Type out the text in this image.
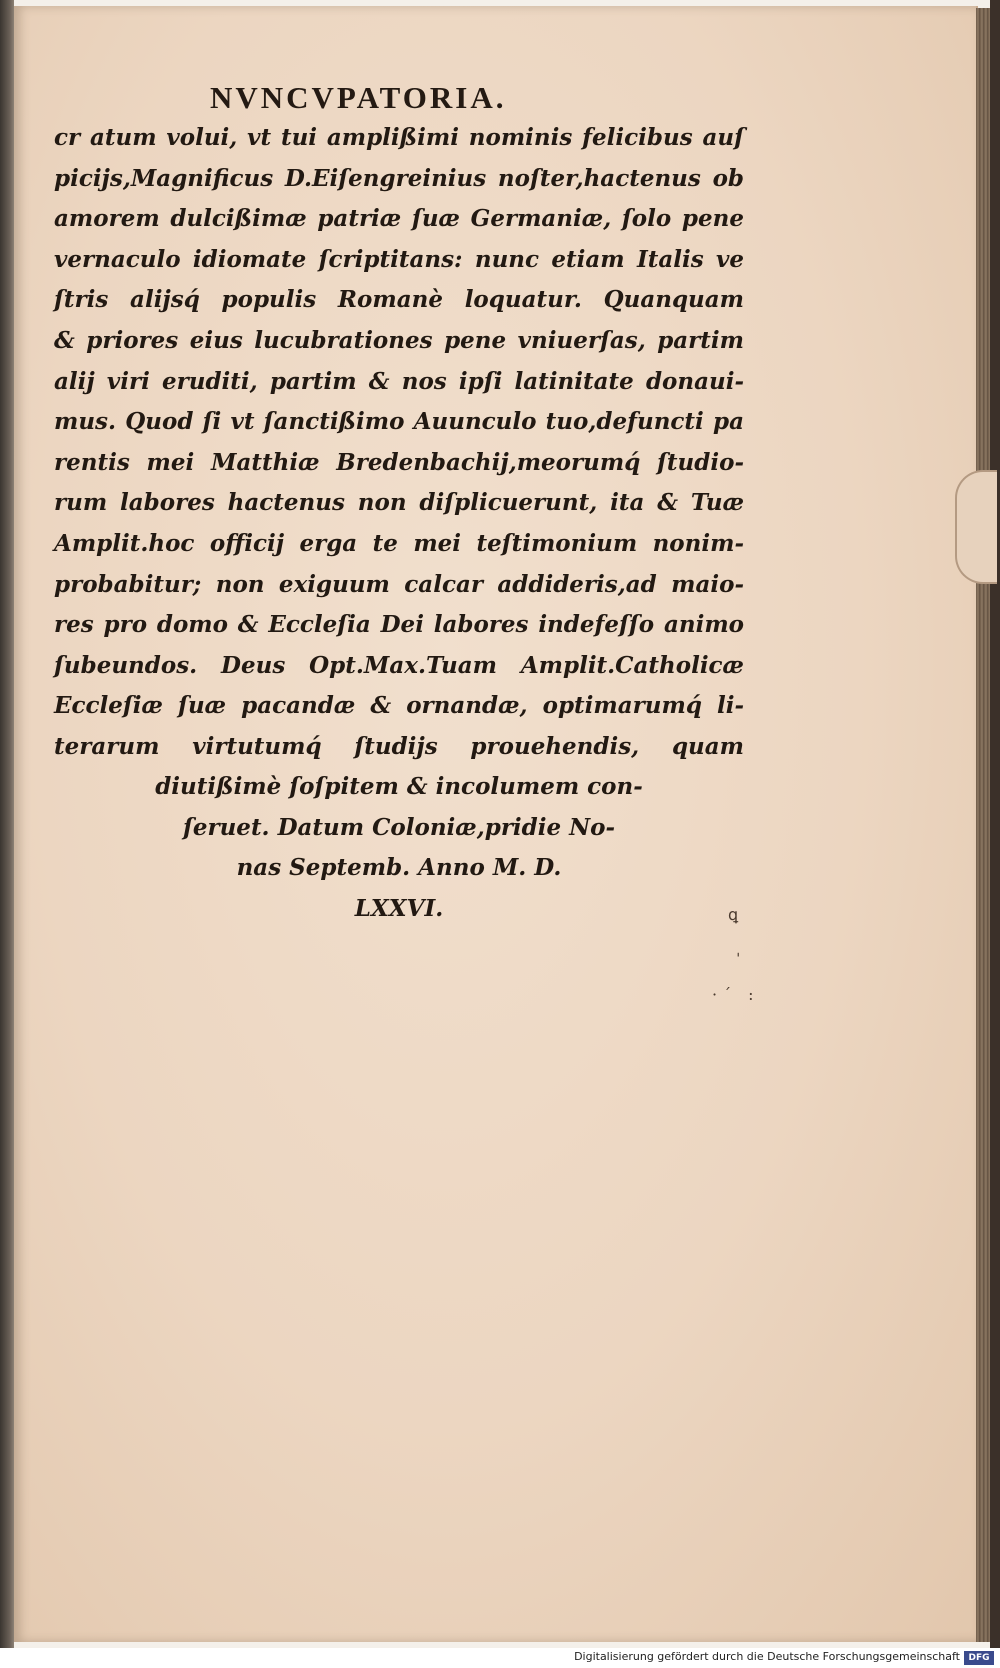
NVNCVPATORIA.
cr atum volui, vt tui amplißimi nominis felicibus auſ
picijs,Magnificus D.Eiſengreinius noſter,hactenus ob
amorem dulcißimæ patriæ ſuæ Germaniæ, ſolo pene
vernaculo idiomate ſcriptitans: nunc etiam Italis ve
ſtris alijsq́ populis Romanè loquatur. Quanquam
& priores eius lucubrationes pene vniuerſas, partim
alij viri eruditi, partim & nos ipſi latinitate donaui-
mus. Quod ſi vt ſanctißimo Auunculo tuo,defuncti pa
rentis mei Matthiæ Bredenbachij,meorumq́ ſtudio-
rum labores hactenus non diſplicuerunt, ita & Tuæ
Amplit.hoc officij erga te mei teſtimonium nonim-
probabitur; non exiguum calcar addideris,ad maio-
res pro domo & Eccleſia Dei labores indefeſſo animo
ſubeundos. Deus Opt.Max.Tuam Amplit.Catholicæ
Eccleſiæ ſuæ pacandæ & ornandæ, optimarumq́ li-
terarum virtutumq́ ſtudijs prouehendis, quam
diutißimè ſoſpitem & incolumem con-
ſeruet. Datum Coloniæ,pridie No-
nas Septemb. Anno M. D.
LXXVI.	ꝗ
ˈ
·´ :
Digitalisierung gefördert durch die Deutsche Forschungsgemeinschaft DFG
